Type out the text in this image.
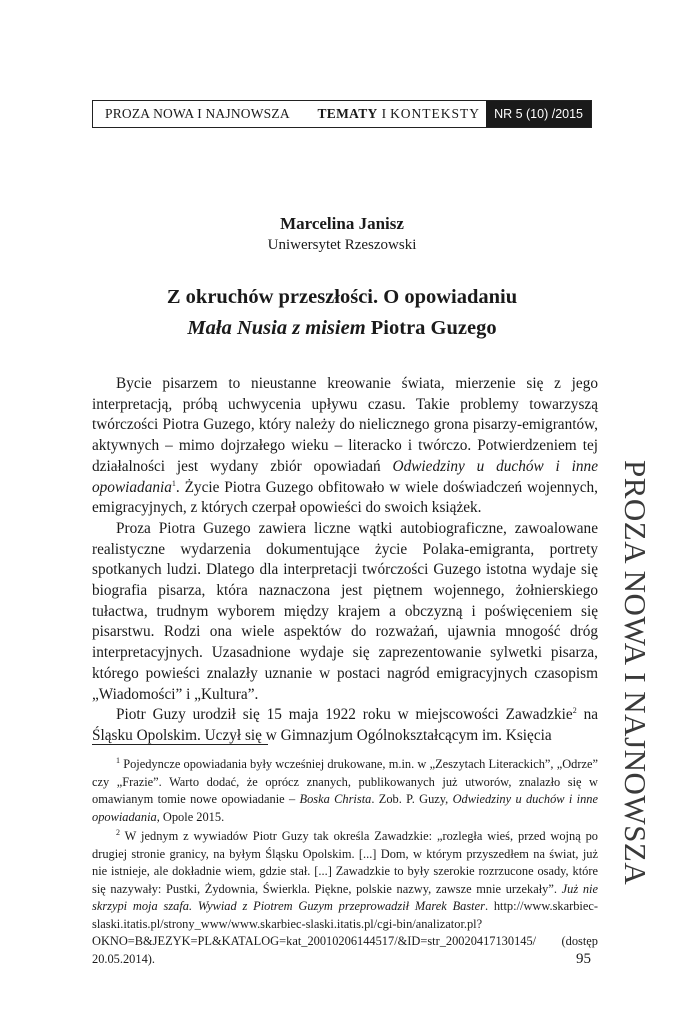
PROZA NOWA I NAJNOWSZA TEMATY I KONTEKSTY	NR 5 (10) /2015
Marcelina Janisz
Uniwersytet Rzeszowski
Z okruchów przeszłości. O opowiadaniu
Mała Nusia z misiem Piotra Guzego

Bycie pisarzem to nieustanne kreowanie świata, mierzenie się z jego interpretacją, próbą uchwycenia upływu czasu. Takie problemy towarzyszą twórczości Piotra Guzego, który należy do nielicznego grona pisarzy-emigrantów, aktywnych – mimo dojrzałego wieku – literacko i twórczo. Potwierdzeniem tej działalności jest wydany zbiór opowiadań Odwiedziny u duchów i inne opowiadania$^1$. Życie Piotra Guzego obfitowało w wiele doświadczeń wojennych, emigracyjnych, z których czerpał opowieści do swoich książek.

Proza Piotra Guzego zawiera liczne wątki autobiograficzne, zawoalowane realistyczne wydarzenia dokumentujące życie Polaka-emigranta, portrety spotkanych ludzi. Dlatego dla interpretacji twórczości Guzego istotna wydaje się biografia pisarza, która naznaczona jest piętnem wojennego, żołnierskiego tułactwa, trudnym wyborem między krajem a obczyzną i poświęceniem się pisarstwu. Rodzi ona wiele aspektów do rozważań, ujawnia mnogość dróg interpretacyjnych. Uzasadnione wydaje się zaprezentowanie sylwetki pisarza, którego powieści znalazły uznanie w postaci nagród emigracyjnych czasopism „Wiadomości” i „Kultura”.

Piotr Guzy urodził się 15 maja 1922 roku w miejscowości Zawadzkie$^2$ na Śląsku Opolskim. Uczył się w Gimnazjum Ogólnokształcącym im. Księcia

$^1$ Pojedyncze opowiadania były wcześniej drukowane, m.in. w „Zeszytach Literackich”, „Odrze” czy „Frazie”. Warto dodać, że oprócz znanych, publikowanych już utworów, znalazło się w omawianym tomie nowe opowiadanie – Boska Christa. Zob. P. Guzy, Odwiedziny u duchów i inne opowiadania, Opole 2015.

$^2$ W jednym z wywiadów Piotr Guzy tak określa Zawadzkie: „rozległa wieś, przed wojną po drugiej stronie granicy, na byłym Śląsku Opolskim. [...] Dom, w którym przyszedłem na świat, już nie istnieje, ale dokładnie wiem, gdzie stał. [...] Zawadzkie to były szerokie rozrzucone osady, które się nazywały: Pustki, Żydownia, Świerkla. Piękne, polskie nazwy, zawsze mnie urzekały”. Już nie skrzypi moja szafa. Wywiad z Piotrem Guzym przeprowadził Marek Baster. http://www.skarbiec-slaski.itatis.pl/strony_www/www.skarbiec-slaski.itatis.pl/cgi-bin/analizator.pl?OKNO=B&JEZYK=PL&KATALOG=kat_20010206144517/&ID=str_20020417130145/ (dostęp 20.05.2014).	95
PROZA NOWA I NAJNOWSZA
